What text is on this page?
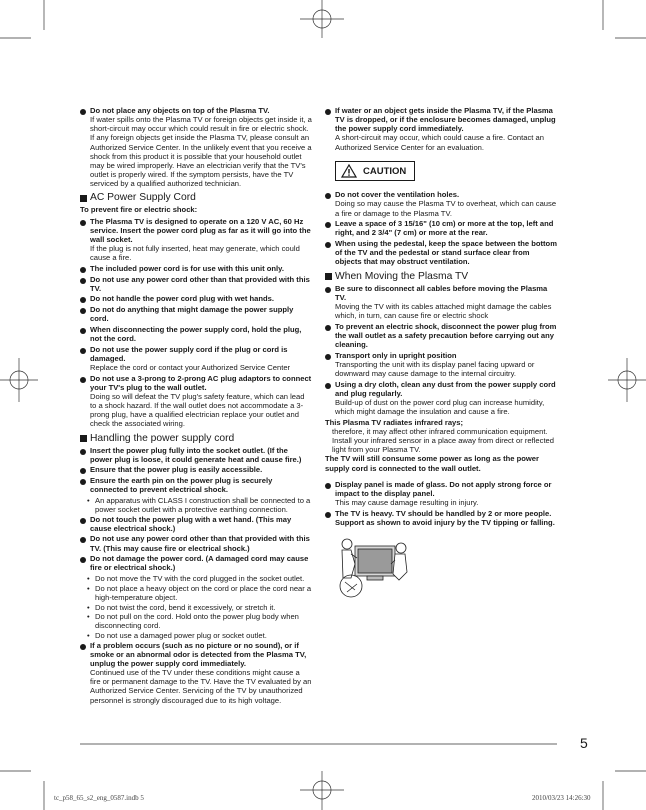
Do not place any objects on top of the Plasma TV.
If water spills onto the Plasma TV or foreign objects get inside it, a short-circuit may occur which could result in fire or electric shock. If any foreign objects get inside the Plasma TV, please consult an Authorized Service Center. In the unlikely event that you receive a shock from this product it is possible that your household outlet may be wired improperly. Have an electrician verify that the TV's outlet is properly wired. If the symptom persists, have the TV serviced by a qualified authorized technician.
AC Power Supply Cord
To prevent fire or electric shock:
The Plasma TV is designed to operate on a 120 V AC, 60 Hz service. Insert the power cord plug as far as it will go into the wall socket.
If the plug is not fully inserted, heat may generate, which could cause a fire.
The included power cord is for use with this unit only.
Do not use any power cord other than that provided with this TV.
Do not handle the power cord plug with wet hands.
Do not do anything that might damage the power supply cord.
When disconnecting the power supply cord, hold the plug, not the cord.
Do not use the power supply cord if the plug or cord is damaged.
Replace the cord or contact your Authorized Service Center
Do not use a 3-prong to 2-prong AC plug adaptors to connect your TV's plug to the wall outlet.
Doing so will defeat the TV plug's safety feature, which can lead to a shock hazard. If the wall outlet does not accommodate a 3-prong plug, have a qualified electrician replace your outlet and check the associated wiring.
Handling the power supply cord
Insert the power plug fully into the socket outlet. (If the power plug is loose, it could generate heat and cause fire.)
Ensure that the power plug is easily accessible.
Ensure the earth pin on the power plug is securely connected to prevent electrical shock.
• An apparatus with CLASS I construction shall be connected to a power socket outlet with a protective earthing connection.
Do not touch the power plug with a wet hand. (This may cause electrical shock.)
Do not use any power cord other than that provided with this TV. (This may cause fire or electrical shock.)
Do not damage the power cord. (A damaged cord may cause fire or electrical shock.)
• Do not move the TV with the cord plugged in the socket outlet.
• Do not place a heavy object on the cord or place the cord near a high-temperature object.
• Do not twist the cord, bend it excessively, or stretch it.
• Do not pull on the cord. Hold onto the power plug body when disconnecting cord.
• Do not use a damaged power plug or socket outlet.
If a problem occurs (such as no picture or no sound), or if smoke or an abnormal odor is detected from the Plasma TV, unplug the power supply cord immediately.
Continued use of the TV under these conditions might cause a fire or permanent damage to the TV. Have the TV evaluated by an Authorized Service Center. Servicing of the TV by unauthorized personnel is strongly discouraged due to its high voltage.
If water or an object gets inside the Plasma TV, if the Plasma TV is dropped, or if the enclosure becomes damaged, unplug the power supply cord immediately.
A short-circuit may occur, which could cause a fire. Contact an Authorized Service Center for an evaluation.
CAUTION
Do not cover the ventilation holes.
Doing so may cause the Plasma TV to overheat, which can cause a fire or damage to the Plasma TV.
Leave a space of 3 15/16" (10 cm) or more at the top, left and right, and 2 3/4" (7 cm) or more at the rear.
When using the pedestal, keep the space between the bottom of the TV and the pedestal or stand surface clear from objects that may obstruct ventilation.
When Moving the Plasma TV
Be sure to disconnect all cables before moving the Plasma TV.
Moving the TV with its cables attached might damage the cables which, in turn, can cause fire or electric shock
To prevent an electric shock, disconnect the power plug from the wall outlet as a safety precaution before carrying out any cleaning.
Transport only in upright position
Transporting the unit with its display panel facing upward or downward may cause damage to the internal circuitry.
Using a dry cloth, clean any dust from the power supply cord and plug regularly.
Build-up of dust on the power cord plug can increase humidity, which might damage the insulation and cause a fire.
This Plasma TV radiates infrared rays;
therefore, it may affect other infrared communication equipment. Install your infrared sensor in a place away from direct or reflected light from your Plasma TV.
The TV will still consume some power as long as the power supply cord is connected to the wall outlet.
Display panel is made of glass. Do not apply strong force or impact to the display panel.
This may cause damage resulting in injury.
The TV is heavy. TV should be handled by 2 or more people. Support as shown to avoid injury by the TV tipping or falling.
5
tc_p58_65_s2_eng_0587.indb 5	2010/03/23 14:26:30
